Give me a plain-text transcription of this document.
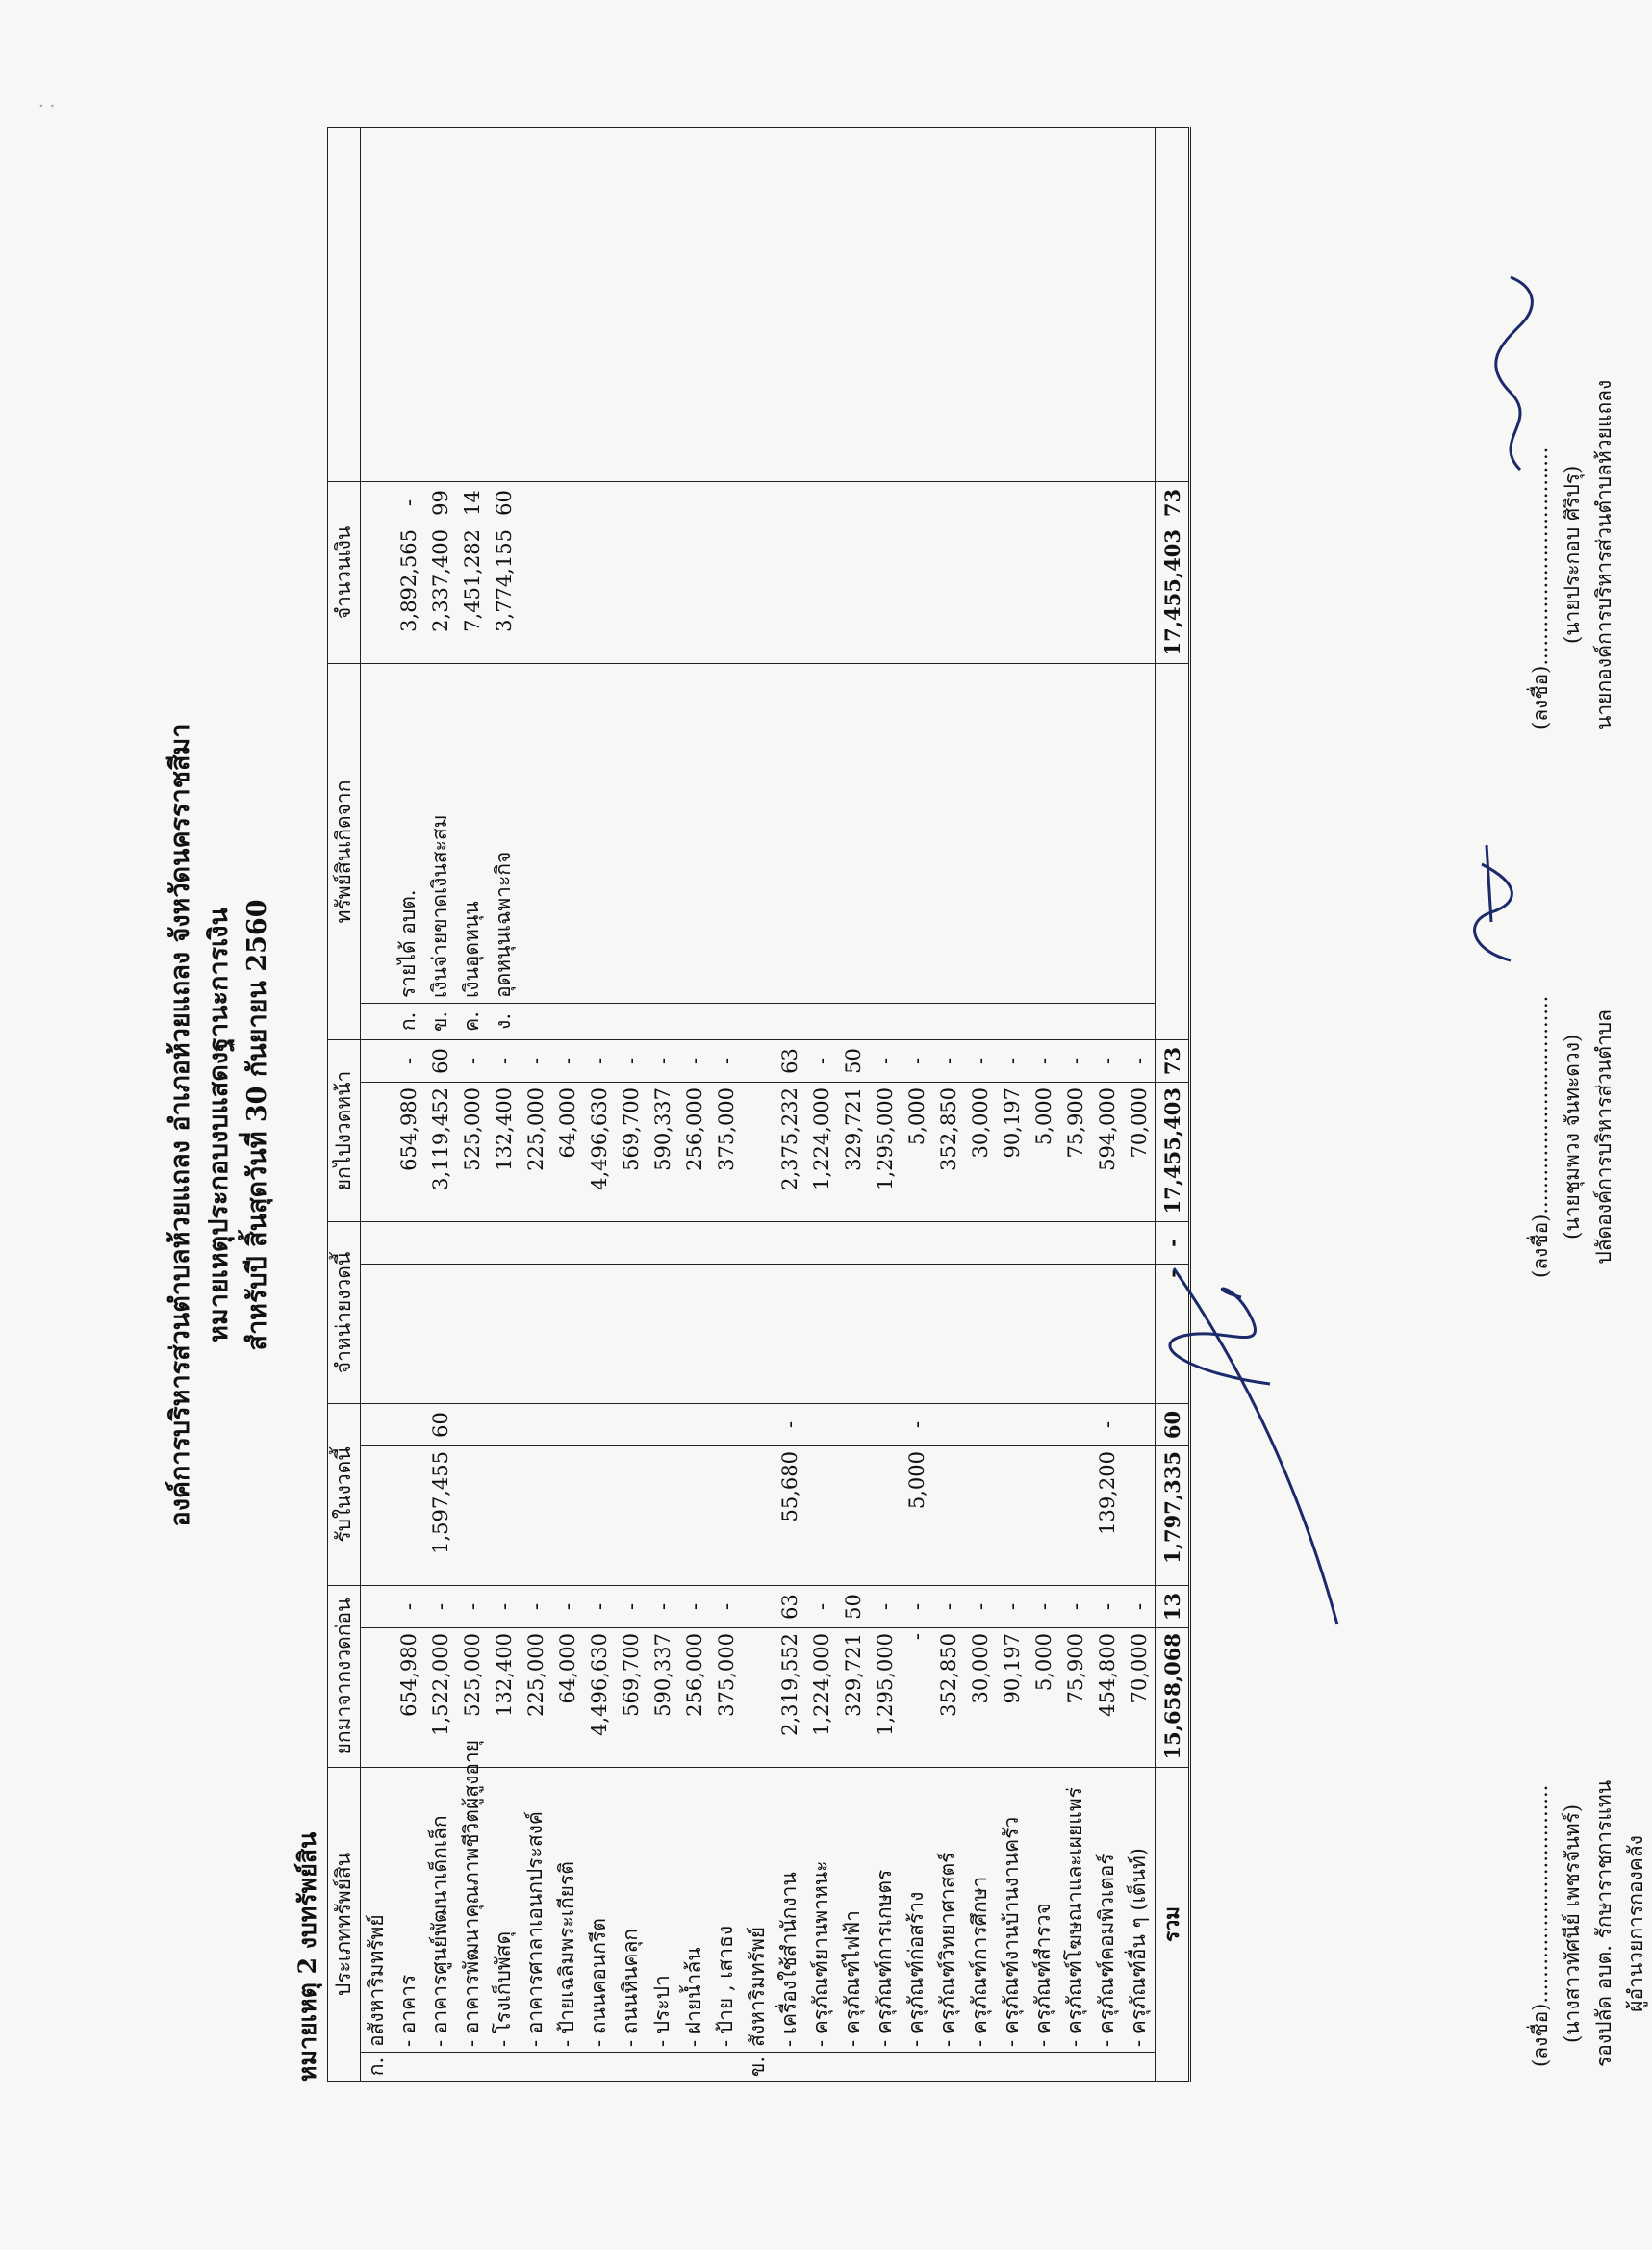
· ·
องค์การบริหารส่วนตำบลห้วยแถลง อำเภอห้วยแถลง จังหวัดนครราชสีมา หมายเหตุประกอบงบแสดงฐานะการเงิน สำหรับปี สิ้นสุดวันที่ 30 กันยายน 2560
หมายเหตุ 2 งบทรัพย์สิน ประเภททรัพย์สิน		ยกมาจากงวดก่อน		รับในงวดนี้		จำหน่ายงวดนี้		ยกไปงวดหน้า		ทรัพย์สินเกิดจาก		จำนวนเงิน		
ก.	อสังหาริมทรัพย์													
	- อาคาร	654,980	-					654,980	-	ก.	รายได้ อบต.	3,892,565	-	
	- อาคารศูนย์พัฒนาเด็กเล็ก	1,522,000	-	1,597,455	60			3,119,452	60	ข.	เงินจ่ายขาดเงินสะสม	2,337,400	99	
	- อาคารพัฒนาคุณภาพชีวิตผู้สูงอายุ	525,000	-					525,000	-	ค.	เงินอุดหนุน	7,451,282	14	
	- โรงเก็บพัสดุ	132,400	-					132,400	-	ง.	อุดหนุนเฉพาะกิจ	3,774,155	60	
	- อาคารศาลาเอนกประสงค์	225,000	-					225,000	-					
	- ป้ายเฉลิมพระเกียรติ	64,000	-					64,000	-					
	- ถนนคอนกรีต	4,496,630	-					4,496,630	-					
	- ถนนหินคลุก	569,700	-					569,700	-					
	- ประปา	590,337	-					590,337	-					
	- ฝายน้ำล้น	256,000	-					256,000	-					
	- ป้าย , เสาธง	375,000	-					375,000	-					
ข.	สังหาริมทรัพย์													
	- เครื่องใช้สำนักงาน	2,319,552	63	55,680	-			2,375,232	63					
	- ครุภัณฑ์ยานพาหนะ	1,224,000	-					1,224,000	-					
	- ครุภัณฑ์ไฟฟ้า	329,721	50					329,721	50					
	- ครุภัณฑ์การเกษตร	1,295,000	-					1,295,000	-					
	- ครุภัณฑ์ก่อสร้าง	-	-	5,000	-			5,000	-					
	- ครุภัณฑ์วิทยาศาสตร์	352,850	-					352,850	-					
	- ครุภัณฑ์การศึกษา	30,000	-					30,000	-					
	- ครุภัณฑ์งานบ้านงานครัว	90,197	-					90,197	-					
	- ครุภัณฑ์สำรวจ	5,000	-					5,000	-					
	- ครุภัณฑ์โฆษณาและเผยแพร่	75,900	-					75,900	-					
	- ครุภัณฑ์คอมพิวเตอร์	454,800	-	139,200	-			594,000	-					
	- ครุภัณฑ์อื่น ๆ (เต็นท์)	70,000	-					70,000	-					
รวม		15,658,068	13	1,797,335	60	-	-	17,455,403	73			17,455,403	73	
(ลงชื่อ).................................. (นางสาวทัศนีย์ เพชรจันทร์) รองปลัด อบต. รักษาราชการแทน ผู้อำนวยการกองคลัง
(ลงชื่อ).................................. (นายชุมพวง จันทะดวง) ปลัดองค์การบริหารส่วนตำบล
(ลงชื่อ).................................. (นายประกอบ ศิริปรุ) นายกองค์การบริหารส่วนตำบลห้วยแถลง
